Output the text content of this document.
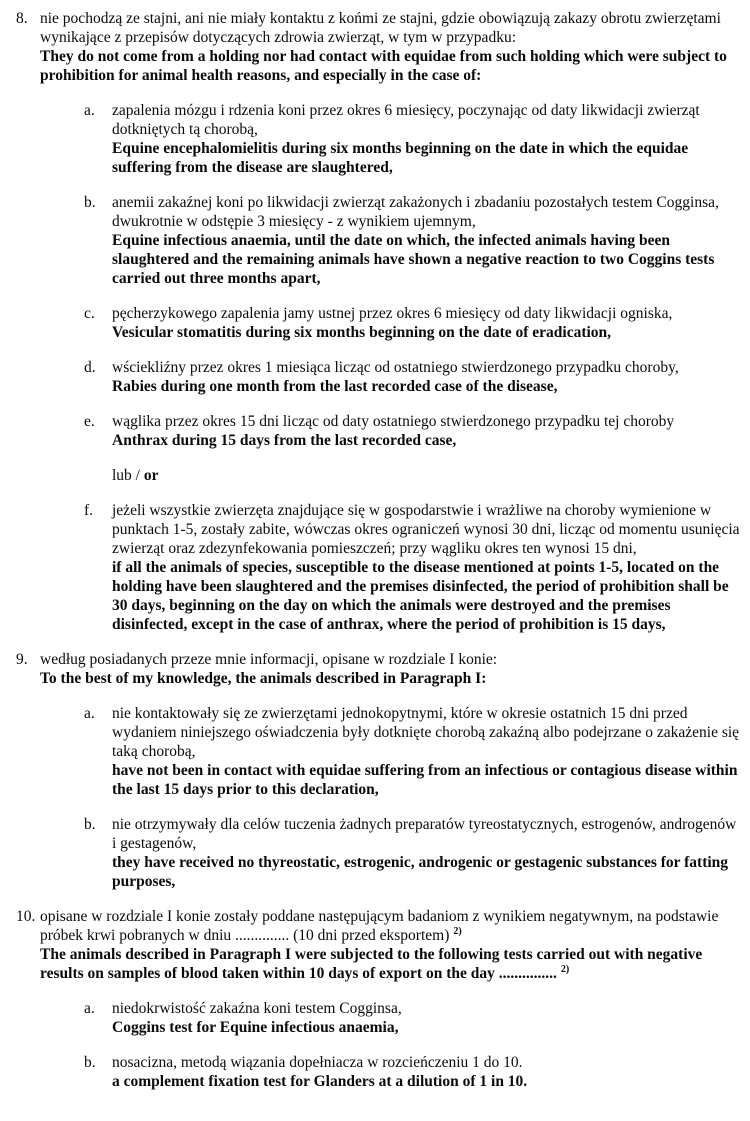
8. nie pochodzą ze stajni, ani nie miały kontaktu z końmi ze stajni, gdzie obowiązują zakazy obrotu zwierzętami wynikające z przepisów dotyczących zdrowia zwierząt, w tym w przypadku:

They do not come from a holding nor had contact with equidae from such holding which were subject to prohibition for animal health reasons, and especially in the case of:

a.	zapalenia mózgu i rdzenia koni przez okres 6 miesięcy, poczynając od daty likwidacji zwierząt dotkniętych tą chorobą,

Equine encephalomielitis during six months beginning on the date in which the equidae suffering from the disease are slaughtered,

b.	anemii zakaźnej koni po likwidacji zwierząt zakażonych i zbadaniu pozostałych testem Cogginsa, dwukrotnie w odstępie 3 miesięcy - z wynikiem ujemnym,

Equine infectious anaemia, until the date on which, the infected animals having been slaughtered and the remaining animals have shown a negative reaction to two Coggins tests carried out three months apart,

c.	pęcherzykowego zapalenia jamy ustnej przez okres 6 miesięcy od daty likwidacji ogniska,

Vesicular stomatitis during six months beginning on the date of eradication,

d.	wściekliźny przez okres 1 miesiąca licząc od ostatniego stwierdzonego przypadku choroby,

Rabies during one month from the last recorded case of the disease,

e.	wąglika przez okres 15 dni licząc od daty ostatniego stwierdzonego przypadku tej choroby

Anthrax during 15 days from the last recorded case,

lub / or
f.	jeżeli wszystkie zwierzęta znajdujące się w gospodarstwie i wrażliwe na choroby wymienione w punktach 1-5, zostały zabite, wówczas okres ograniczeń wynosi 30 dni, licząc od momentu usunięcia zwierząt oraz zdezynfekowania pomieszczeń; przy wągliku okres ten wynosi 15 dni,

if all the animals of species, susceptible to the disease mentioned at points 1-5, located on the holding have been slaughtered and the premises disinfected, the period of prohibition shall be 30 days, beginning on the day on which the animals were destroyed and the premises disinfected, except in the case of anthrax, where the period of prohibition is 15 days,

9. według posiadanych przeze mnie informacji, opisane w rozdziale I konie:

To the best of my knowledge, the animals described in Paragraph I:

a.	nie kontaktowały się ze zwierzętami jednokopytnymi, które w okresie ostatnich 15 dni przed wydaniem niniejszego oświadczenia były dotknięte chorobą zakaźną albo podejrzane o zakażenie się taką chorobą,

have not been in contact with equidae suffering from an infectious or contagious disease within the last 15 days prior to this declaration,

b.	nie otrzymywały dla celów tuczenia żadnych preparatów tyreostatycznych, estrogenów, androgenów i gestagenów,

they have received no thyreostatic, estrogenic, androgenic or gestagenic substances for fatting purposes,

10. opisane w rozdziale I konie zostały poddane następującym badaniom z wynikiem negatywnym, na podstawie próbek krwi pobranych w dniu .............. (10 dni przed eksportem) $^{2)}$

The animals described in Paragraph I were subjected to the following tests carried out with negative results on samples of blood taken within 10 days of export on the day ............... $^{2)}$

a.	niedokrwistość zakaźna koni testem Cogginsa,

Coggins test for Equine infectious anaemia,

b.	nosacizna, metodą wiązania dopełniacza w rozcieńczeniu 1 do 10.

a complement fixation test for Glanders at a dilution of 1 in 10.
